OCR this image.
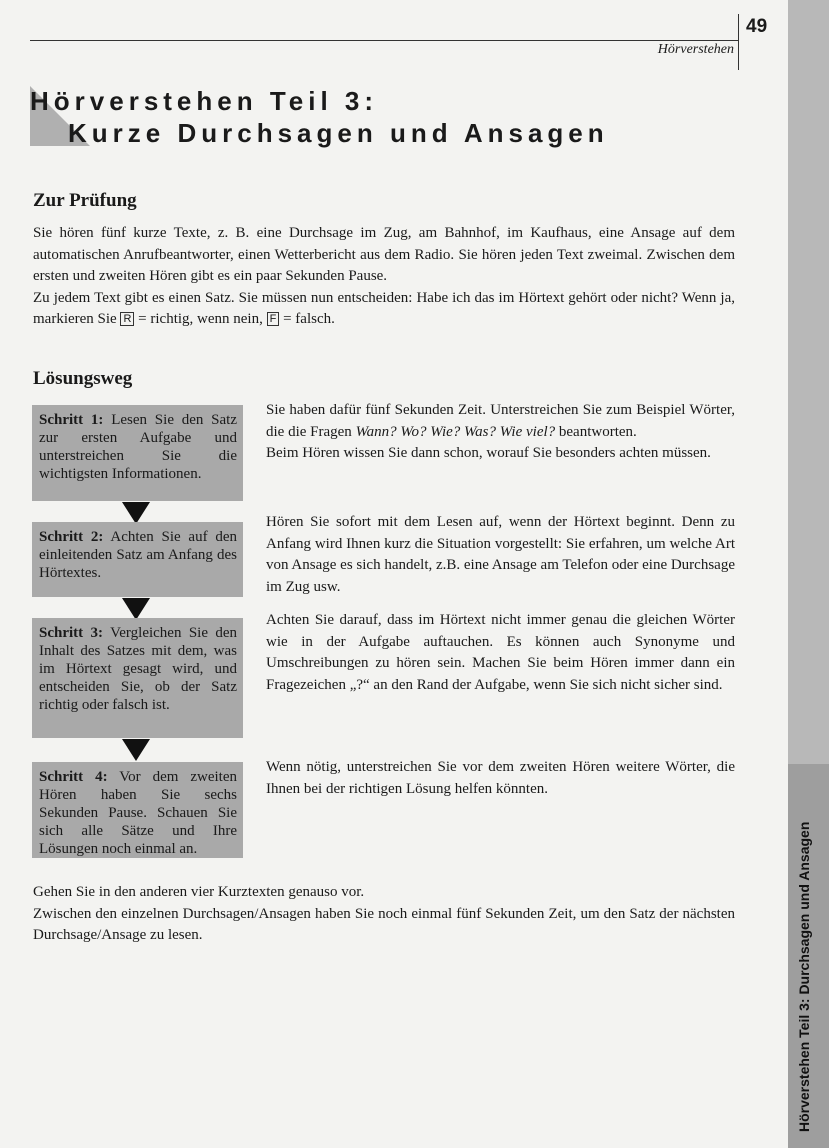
49
Hörverstehen
Hörverstehen Teil 3: Durchsagen und Ansagen
Hörverstehen Teil 3:
Kurze Durchsagen und Ansagen
Zur Prüfung
Sie hören fünf kurze Texte, z. B. eine Durchsage im Zug, am Bahnhof, im Kaufhaus, eine Ansage auf dem automatischen Anrufbeantworter, einen Wetterbericht aus dem Radio. Sie hören jeden Text zweimal. Zwischen dem ersten und zweiten Hören gibt es ein paar Sekunden Pause.
Zu jedem Text gibt es einen Satz. Sie müssen nun entscheiden: Habe ich das im Hörtext gehört oder nicht? Wenn ja, markieren Sie R = richtig, wenn nein, F = falsch.
Lösungsweg
Schritt 1: Lesen Sie den Satz zur ersten Aufgabe und unterstreichen Sie die wichtigsten Informationen.
Sie haben dafür fünf Sekunden Zeit. Unterstreichen Sie zum Beispiel Wörter, die die Fragen Wann? Wo? Wie? Was? Wie viel? beantworten.
Beim Hören wissen Sie dann schon, worauf Sie besonders achten müssen.
Schritt 2: Achten Sie auf den einleitenden Satz am Anfang des Hörtextes.
Hören Sie sofort mit dem Lesen auf, wenn der Hörtext beginnt. Denn zu Anfang wird Ihnen kurz die Situation vorgestellt: Sie erfahren, um welche Art von Ansage es sich handelt, z.B. eine Ansage am Telefon oder eine Durchsage im Zug usw.
Schritt 3: Vergleichen Sie den Inhalt des Satzes mit dem, was im Hörtext gesagt wird, und entscheiden Sie, ob der Satz richtig oder falsch ist.
Achten Sie darauf, dass im Hörtext nicht immer genau die gleichen Wörter wie in der Aufgabe auftauchen. Es können auch Synonyme und Umschreibungen zu hören sein. Machen Sie beim Hören immer dann ein Fragezeichen „?“ an den Rand der Aufgabe, wenn Sie sich nicht sicher sind.
Schritt 4: Vor dem zweiten Hören haben Sie sechs Sekunden Pause. Schauen Sie sich alle Sätze und Ihre Lösungen noch einmal an.
Wenn nötig, unterstreichen Sie vor dem zweiten Hören weitere Wörter, die Ihnen bei der richtigen Lösung helfen könnten.
Gehen Sie in den anderen vier Kurztexten genauso vor.
Zwischen den einzelnen Durchsagen/Ansagen haben Sie noch einmal fünf Sekunden Zeit, um den Satz der nächsten Durchsage/Ansage zu lesen.
